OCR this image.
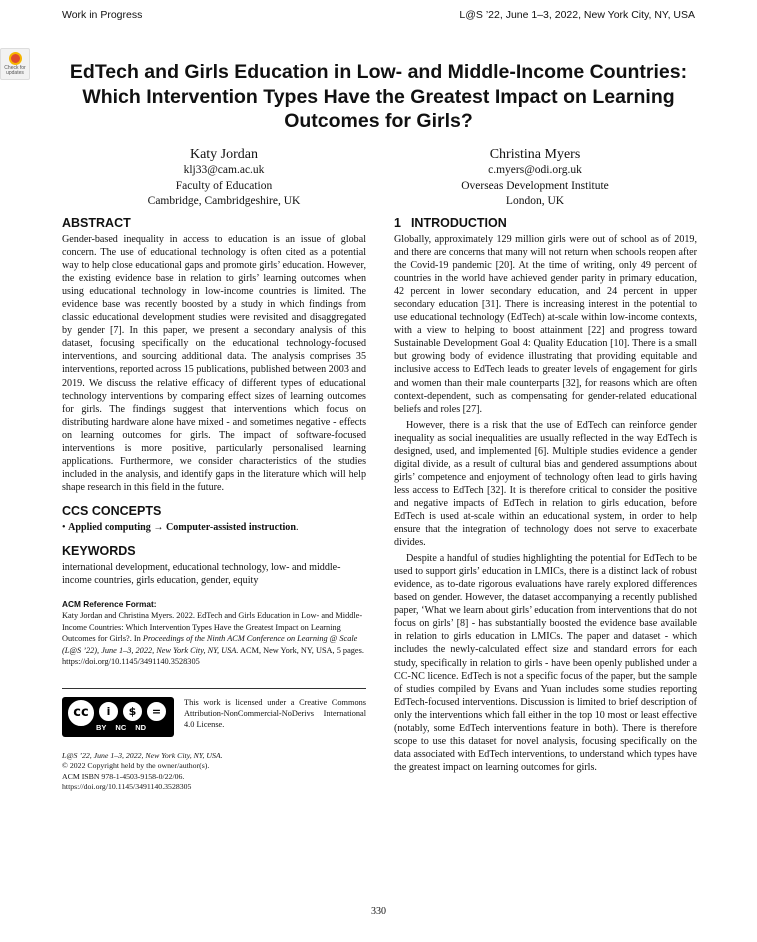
Work in Progress	L@S ’22, June 1–3, 2022, New York City, NY, USA
Check for
updates	EdTech and Girls Education in Low- and Middle-Income Countries: Which Intervention Types Have the Greatest Impact on Learning Outcomes for Girls?
Katy Jordan
klj33@cam.ac.uk
Faculty of Education
Cambridge, Cambridgeshire, UK
Christina Myers
c.myers@odi.org.uk
Overseas Development Institute
London, UK
ABSTRACT
Gender-based inequality in access to education is an issue of global concern. The use of educational technology is often cited as a potential way to help close educational gaps and promote girls’ education. However, the existing evidence base in relation to girls’ learning outcomes when using educational technology in low-income countries is limited. The evidence base was recently boosted by a study in which findings from classic educational development studies were revisited and disaggregated by gender [7]. In this paper, we present a secondary analysis of this dataset, focusing specifically on the educational technology-focused interventions, and sourcing additional data. The analysis comprises 35 interventions, reported across 15 publications, published between 2003 and 2019. We discuss the relative efficacy of different types of educational technology interventions by comparing effect sizes of learning outcomes for girls. The findings suggest that interventions which focus on distributing hardware alone have mixed - and sometimes negative - effects on learning outcomes for girls. The impact of software-focused interventions is more positive, particularly personalised learning applications. Furthermore, we consider characteristics of the studies included in the analysis, and identify gaps in the literature which will help shape research in this field in the future.
CCS CONCEPTS
• Applied computing → Computer-assisted instruction.
KEYWORDS
international development, educational technology, low- and middle-income countries, girls education, gender, equity
ACM Reference Format:
Katy Jordan and Christina Myers. 2022. EdTech and Girls Education in Low- and Middle-Income Countries: Which Intervention Types Have the Greatest Impact on Learning Outcomes for Girls?. In Proceedings of the Ninth ACM Conference on Learning @ Scale (L@S ’22), June 1–3, 2022, New York City, NY, USA. ACM, New York, NY, USA, 5 pages. https://doi.org/10.1145/3491140.3528305
cc	i	$	=
BY NC ND
This work is licensed under a Creative Commons Attribution-NonCommercial-NoDerivs International 4.0 License.
L@S ’22, June 1–3, 2022, New York City, NY, USA.
© 2022 Copyright held by the owner/author(s).
ACM ISBN 978-1-4503-9158-0/22/06.
https://doi.org/10.1145/3491140.3528305
1 INTRODUCTION
Globally, approximately 129 million girls were out of school as of 2019, and there are concerns that many will not return when schools reopen after the Covid-19 pandemic [20]. At the time of writing, only 49 percent of countries in the world have achieved gender parity in primary education, 42 percent in lower secondary education, and 24 percent in upper secondary education [31]. There is increasing interest in the potential to use educational technology (EdTech) at-scale within low-income contexts, with a view to helping to boost attainment [22] and progress toward Sustainable Development Goal 4: Quality Education [10]. There is a small but growing body of evidence illustrating that providing equitable and inclusive access to EdTech leads to greater levels of engagement for girls and women than their male counterparts [32], for reasons which are often context-dependent, such as compensating for gender-related educational beliefs and roles [27].
However, there is a risk that the use of EdTech can reinforce gender inequality as social inequalities are usually reflected in the way EdTech is designed, used, and implemented [6]. Multiple studies evidence a gender digital divide, as a result of cultural bias and gendered assumptions about girls’ competence and enjoyment of technology often lead to girls having less access to EdTech [32]. It is therefore critical to consider the positive and negative impacts of EdTech in relation to girls education, before EdTech is used at-scale within an educational system, in order to help ensure that the integration of technology does not serve to exacerbate divides.
Despite a handful of studies highlighting the potential for EdTech to be used to support girls’ education in LMICs, there is a distinct lack of robust evidence, as to-date rigorous evaluations have rarely explored differences based on gender. However, the dataset accompanying a recently published paper, ‘What we learn about girls’ education from interventions that do not focus on girls’ [8] - has substantially boosted the evidence base available in relation to girls education in LMICs. The paper and dataset - which includes the newly-calculated effect size and standard errors for each study, specifically in relation to girls - have been openly published under a CC-NC licence. EdTech is not a specific focus of the paper, but the sample of studies compiled by Evans and Yuan includes some studies reporting EdTech-focused interventions. Discussion is limited to brief description of only the interventions which fall either in the top 10 most or least effective (notably, some EdTech interventions feature in both). There is therefore scope to use this dataset for novel analysis, focusing specifically on the data associated with EdTech interventions, to understand which types have the greatest impact on learning outcomes for girls.
330
